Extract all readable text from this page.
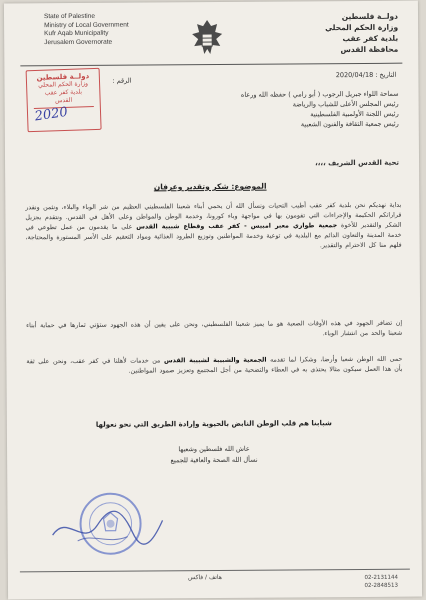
State of Palestine
Ministry of Local Government
Kufr Aqab Municipality
Jerusalem Governorate
دولــة فلسطين
وزارة الحكم المحلي
بلدية كفر عقب
محافظة القدس
التاريخ : 2020/04/18
الرقم :
دولــة فلسطين
وزارة الحكم المحلي
بلدية كفر عقب
القدس
2020
سماحة اللواء جبريل الرجوب ( أبو رامي ) حفظه الله ورعاه
رئيس المجلس الأعلى للشباب والرياضة
رئيس اللجنة الأولمبية الفلسطينية
رئيس جمعية الثقافة والفنون الشعبية
تحية القدس الشريف ،،،،
الموضوع: شكر وتقدير وعرفان
بداية نهديكم نحن بلدية كفر عقب أطيب التحيات ونسأل الله أن يحمي أبناء شعبنا الفلسطيني العظيم من شر الوباء والبلاء، ونثمن ونقدر قراراتكم الحكيمة والإجراءات التي تقومون بها في مواجهة وباء كورونا، وخدمة الوطن والمواطن وعلى الأهل في القدس. ونتقدم بجزيل الشكر والتقدير للأخوة جمعية طواري معبر امبيس - كفر عقب وقطاع شبيبة القدس على ما يقدمون من عمل تطوعي في خدمة المدينة والتعاون الدائم مع البلدية في توعية وخدمة المواطنين وتوزيع الطرود الغذائية ومواد التعقيم على الأسر المستورة والمحتاجة، فلهم منا كل الاحترام والتقدير.
إن تضافر الجهود في هذه الأوقات الصعبة هو ما يميز شعبنا الفلسطيني، ونحن على يقين أن هذه الجهود ستؤتي ثمارها في حماية أبناء شعبنا والحد من انتشار الوباء.
حمى الله الوطن شعبا وأرضا، وشكرا لما تقدمه الجمعية والشبيبة لشبيبة القدس من خدمات لأهلنا في كفر عقب، ونحن على ثقة بأن هذا العمل سيكون مثالا يحتذى به في العطاء والتضحية من أجل المجتمع وتعزيز صمود المواطنين.
شبابنا هم قلب الوطن النابض بالحيوية وإرادة الطريق التي نحو نعولها
عاش الله فلسطين وشعبها
نسأل الله الصحة والعافية للجميع
هاتف / فاكس	02-2131144
02-2848513
